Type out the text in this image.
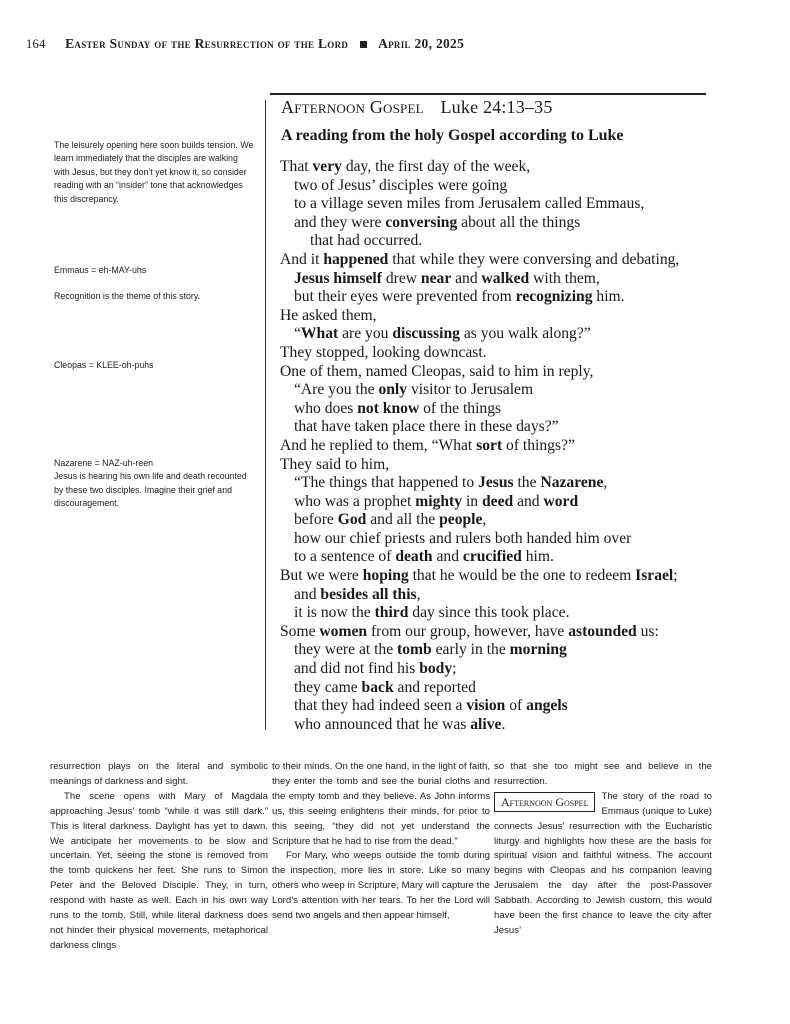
164 Easter Sunday of the Resurrection of the Lord April 20, 2025
Afternoon Gospel Luke 24:13–35
A reading from the holy Gospel according to Luke
That very day, the first day of the week,
two of Jesus’ disciples were going
to a village seven miles from Jerusalem called Emmaus,
and they were conversing about all the things
that had occurred.
And it happened that while they were conversing and debating,
Jesus himself drew near and walked with them,
but their eyes were prevented from recognizing him.
He asked them,
“What are you discussing as you walk along?”
They stopped, looking downcast.
One of them, named Cleopas, said to him in reply,
“Are you the only visitor to Jerusalem
who does not know of the things
that have taken place there in these days?”
And he replied to them, “What sort of things?”
They said to him,
“The things that happened to Jesus the Nazarene,
who was a prophet mighty in deed and word
before God and all the people,
how our chief priests and rulers both handed him over
to a sentence of death and crucified him.
But we were hoping that he would be the one to redeem Israel;
and besides all this,
it is now the third day since this took place.
Some women from our group, however, have astounded us:
they were at the tomb early in the morning
and did not find his body;
they came back and reported
that they had indeed seen a vision of angels
who announced that he was alive.
The leisurely opening here soon builds tension. We learn immediately that the disciples are walking with Jesus, but they don’t yet know it, so consider reading with an “insider” tone that acknowledges this discrepancy.
Emmaus = eh-MAY-uhs
Recognition is the theme of this story.
Cleopas = KLEE-oh-puhs
Nazarene = NAZ-uh-reen
Jesus is hearing his own life and death recounted by these two disciples. Imagine their grief and discouragement.

resurrection plays on the literal and symbolic meanings of darkness and sight.

The scene opens with Mary of Magdala approaching Jesus’ tomb “while it was still dark.” This is literal darkness. Daylight has yet to dawn. We anticipate her movements to be slow and uncertain. Yet, seeing the stone is removed from the tomb quickens her feet. She runs to Simon Peter and the Beloved Disciple. They, in turn, respond with haste as well. Each in his own way runs to the tomb. Still, while literal darkness does not hinder their physical movements, metaphorical darkness clings

to their minds. On the one hand, in the light of faith, they enter the tomb and see the burial cloths and the empty tomb and they believe. As John informs us, this seeing enlightens their minds, for prior to this seeing, “they did not yet understand the Scripture that he had to rise from the dead.”

For Mary, who weeps outside the tomb during the inspection, more lies in store. Like so many others who weep in Scripture, Mary will capture the Lord’s attention with her tears. To her the Lord will send two angels and then appear himself,

so that she too might see and believe in the resurrection.

Afternoon Gospel	The story of the road to Emmaus (unique to Luke) connects Jesus’ resurrection with the Eucharistic liturgy and highlights how these are the basis for spiritual vision and faithful witness. The account begins with Cleopas and his companion leaving Jerusalem the day after the post-Passover Sabbath. According to Jewish custom, this would have been the first chance to leave the city after Jesus’
